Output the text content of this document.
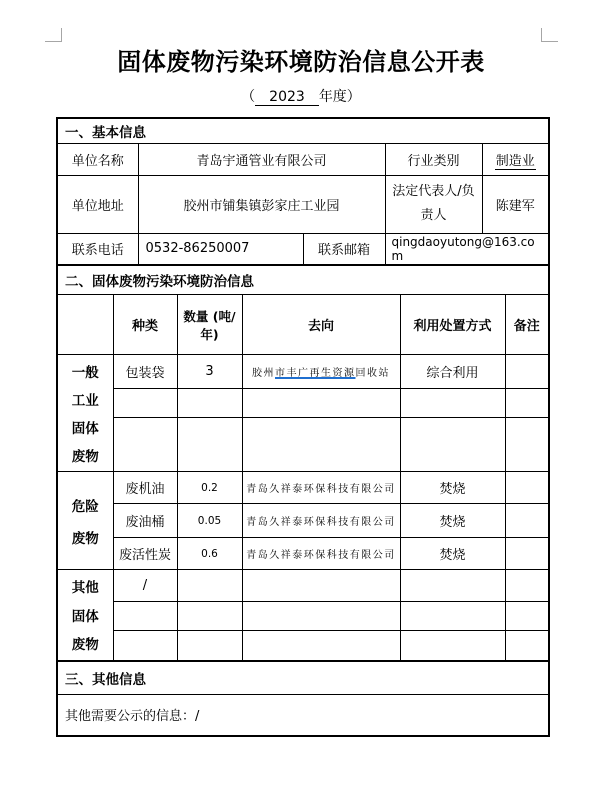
固体废物污染环境防治信息公开表
（ 2023 年度）
一、基本信息				
单位名称	青岛宇通管业有限公司		行业类别	制造业
单位地址	胶州市铺集镇彭家庄工业园		法定代表人/负责人	陈建军
联系电话	0532-86250007	联系邮箱	qingdaoyutong@163.com	
二、固体废物污染环境防治信息					
	种类	数量 (吨/年)	去向	利用处置方式	备注

一般
工业
固体
废物	包装袋	3	胶州市丰广再生资源回收站	综合利用	

危险
废物	废机油	0.2	青岛久祥泰环保科技有限公司	焚烧	
	废油桶	0.05	青岛久祥泰环保科技有限公司	焚烧	
	废活性炭	0.6	青岛久祥泰环保科技有限公司	焚烧	

其他
固体
废物	/				

三、其他信息
其他需要公示的信息：/
